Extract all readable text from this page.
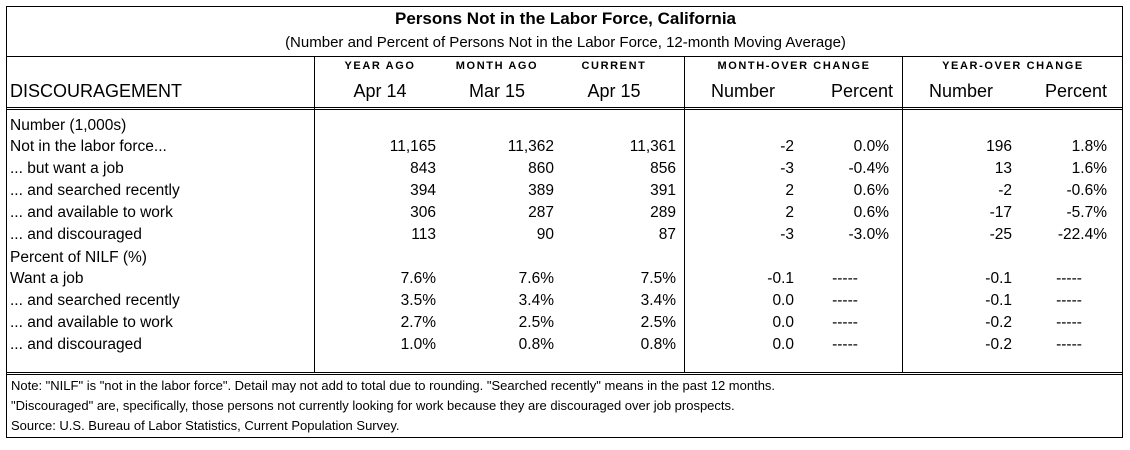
Persons Not in the Labor Force, California
(Number and Percent of Persons Not in the Labor Force, 12-month Moving Average)
DISCOURAGEMENT
YEAR AGO	MONTH AGO	CURRENT	MONTH-OVER CHANGE	YEAR-OVER CHANGE
Apr 14	Mar 15	Apr 15	Number	Percent	Number	Percent
Number (1,000s)
Not in the labor force...	11,165	11,362	11,361	-2	0.0%	196	1.8%
... but want a job	843	860	856	-3	-0.4%	13	1.6%
... and searched recently	394	389	391	2	0.6%	-2	-0.6%
... and available to work	306	287	289	2	0.6%	-17	-5.7%
... and discouraged	113	90	87	-3	-3.0%	-25	-22.4%
Percent of NILF (%)
Want a job	7.6%	7.6%	7.5%	-0.1	-----	-0.1	-----
... and searched recently	3.5%	3.4%	3.4%	0.0	-----	-0.1	-----
... and available to work	2.7%	2.5%	2.5%	0.0	-----	-0.2	-----
... and discouraged	1.0%	0.8%	0.8%	0.0	-----	-0.2	-----
Note: "NILF" is "not in the labor force". Detail may not add to total due to rounding. "Searched recently" means in the past 12 months.
"Discouraged" are, specifically, those persons not currently looking for work because they are discouraged over job prospects.
Source: U.S. Bureau of Labor Statistics, Current Population Survey.
